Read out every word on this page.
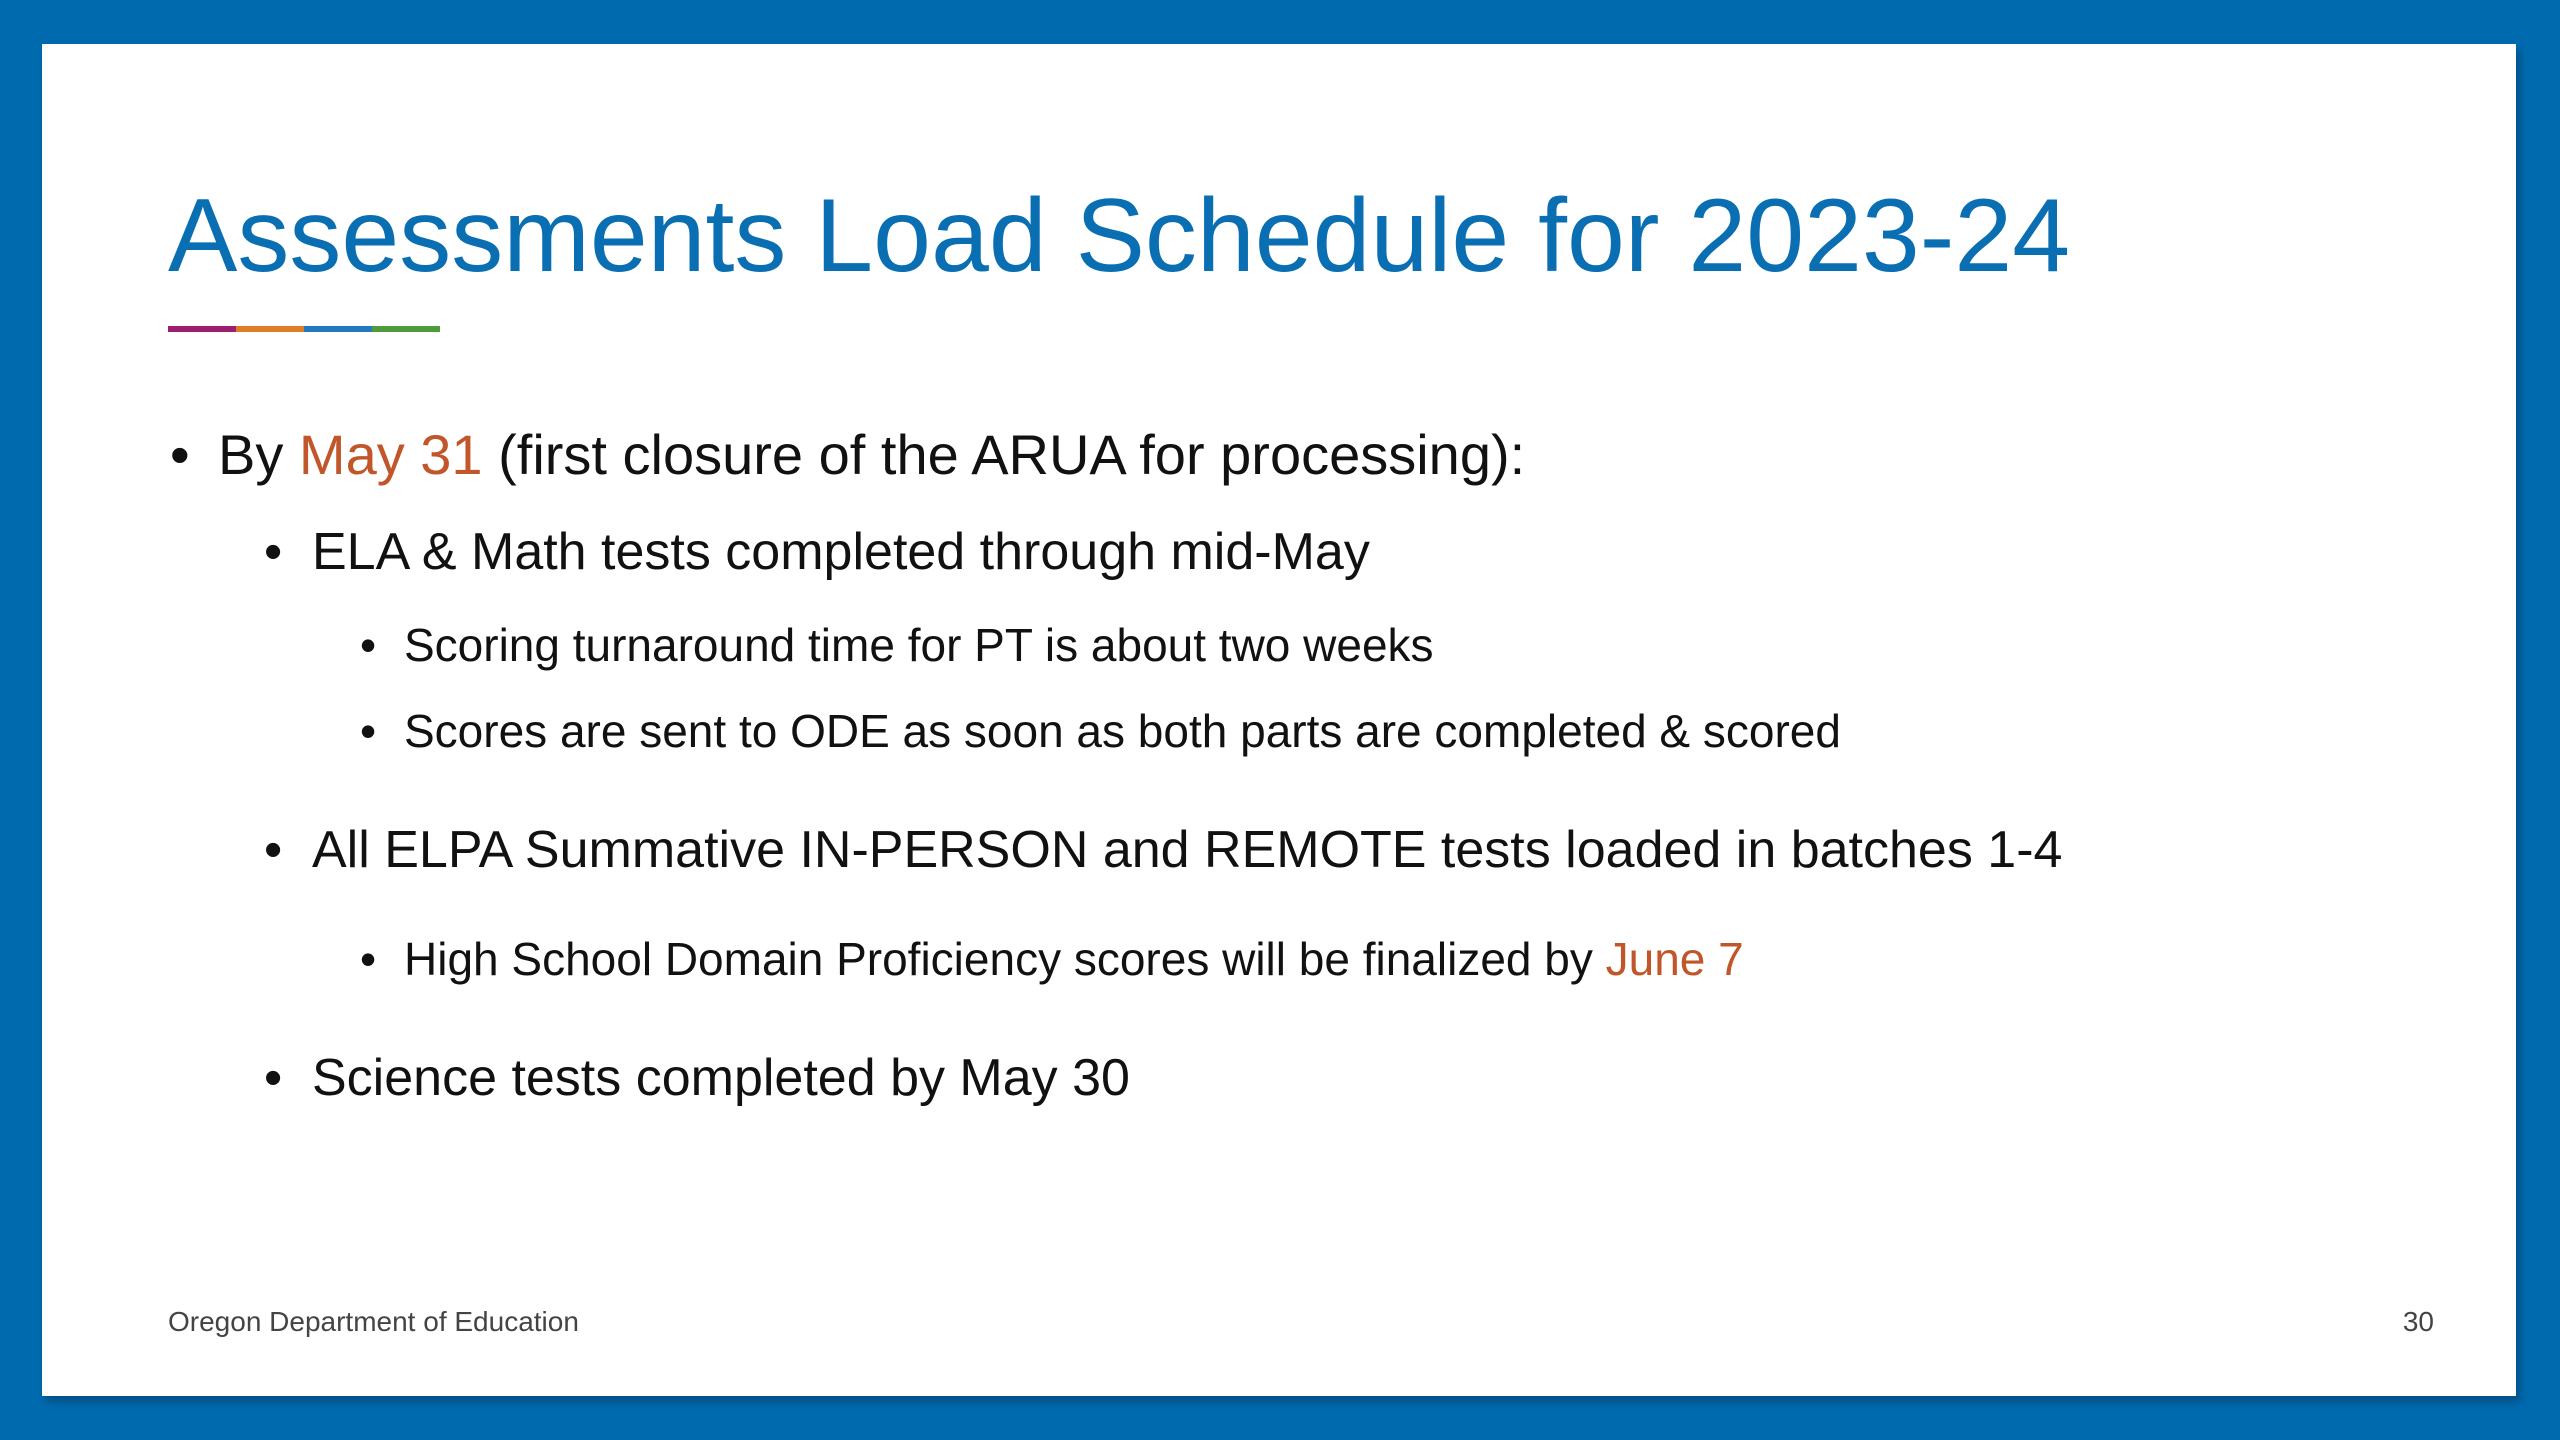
Assessments Load Schedule for 2023-24
• By May 31 (first closure of the ARUA for processing):
• ELA & Math tests completed through mid-May
• Scoring turnaround time for PT is about two weeks
• Scores are sent to ODE as soon as both parts are completed & scored
• All ELPA Summative IN-PERSON and REMOTE tests loaded in batches 1-4
• High School Domain Proficiency scores will be finalized by June 7
• Science tests completed by May 30
Oregon Department of Education	30
